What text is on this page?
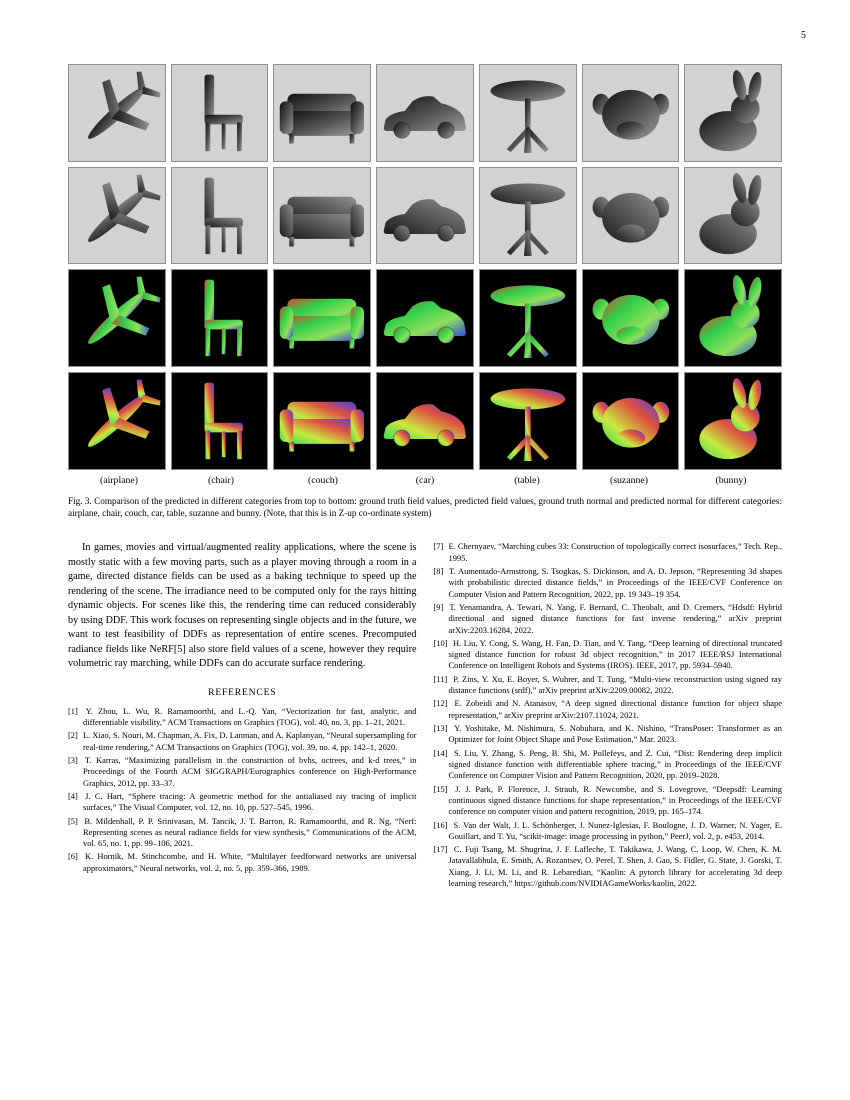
5
(airplane)	(chair)	(couch)	(car)	(table)	(suzanne)	(bunny)
Fig. 3. Comparison of the predicted in different categories from top to bottom: ground truth field values, predicted field values, ground truth normal and predicted normal for different categories: airplane, chair, couch, car, table, suzanne and bunny. (Note, that this is in Z-up co-ordinate system)

In games, movies and virtual/augmented reality applications, where the scene is mostly static with a few moving parts, such as a player moving through a room in a game, directed distance fields can be used as a baking technique to speed up the rendering of the scene. The irradiance need to be computed only for the rays hitting dynamic objects. For scenes like this, the rendering time can reduced considerably by using DDF. This work focuses on representing single objects and in the future, we want to test feasibility of DDFs as representation of entire scenes. Precomputed radiance fields like NeRF[5] also store field values of a scene, however they require volumetric ray marching, while DDFs can do accurate surface rendering.

REFERENCES
[1] Y. Zhou, L. Wu, R. Ramamoorthi, and L.-Q. Yan, “Vectorization for fast, analytic, and differentiable visibility,” ACM Transactions on Graphics (TOG), vol. 40, no. 3, pp. 1–21, 2021.
[2] L. Xiao, S. Nouri, M. Chapman, A. Fix, D. Lanman, and A. Kaplanyan, “Neural supersampling for real-time rendering,” ACM Transactions on Graphics (TOG), vol. 39, no. 4, pp. 142–1, 2020.
[3] T. Karras, “Maximizing parallelism in the construction of bvhs, octrees, and k-d trees,” in Proceedings of the Fourth ACM SIGGRAPH/Eurographics conference on High-Performance Graphics, 2012, pp. 33–37.
[4] J. C. Hart, “Sphere tracing: A geometric method for the antialiased ray tracing of implicit surfaces,” The Visual Computer, vol. 12, no. 10, pp. 527–545, 1996.
[5] B. Mildenhall, P. P. Srinivasan, M. Tancik, J. T. Barron, R. Ramamoorthi, and R. Ng, “Nerf: Representing scenes as neural radiance fields for view synthesis,” Communications of the ACM, vol. 65, no. 1, pp. 99–106, 2021.
[6] K. Hornik, M. Stinchcombe, and H. White, “Multilayer feedforward networks are universal approximators,” Neural networks, vol. 2, no. 5, pp. 359–366, 1989.
[7] E. Chernyaev, “Marching cubes 33: Construction of topologically correct isosurfaces,” Tech. Rep., 1995.
[8] T. Aumentado-Armstrong, S. Tsogkas, S. Dickinson, and A. D. Jepson, “Representing 3d shapes with probabilistic directed distance fields,” in Proceedings of the IEEE/CVF Conference on Computer Vision and Pattern Recognition, 2022, pp. 19 343–19 354.
[9] T. Yenamandra, A. Tewari, N. Yang, F. Bernard, C. Theobalt, and D. Cremers, “Hdsdf: Hybrid directional and signed distance functions for fast inverse rendering,” arXiv preprint arXiv:2203.16284, 2022.
[10] H. Liu, Y. Cong, S. Wang, H. Fan, D. Tian, and Y. Tang, “Deep learning of directional truncated signed distance function for robust 3d object recognition,” in 2017 IEEE/RSJ International Conference on Intelligent Robots and Systems (IROS). IEEE, 2017, pp. 5934–5940.
[11] P. Zins, Y. Xu, E. Boyer, S. Wuhrer, and T. Tung, “Multi-view reconstruction using signed ray distance functions (srdf),” arXiv preprint arXiv:2209.00082, 2022.
[12] E. Zobeidi and N. Atanasov, “A deep signed directional distance function for object shape representation,” arXiv preprint arXiv:2107.11024, 2021.
[13] Y. Yoshitake, M. Nishimura, S. Nobuhara, and K. Nishino, “TransPoser: Transformer as an Optimizer for Joint Object Shape and Pose Estimation,” Mar. 2023.
[14] S. Liu, Y. Zhang, S. Peng, B. Shi, M. Pollefeys, and Z. Cui, “Dist: Rendering deep implicit signed distance function with differentiable sphere tracing,” in Proceedings of the IEEE/CVF Conference on Computer Vision and Pattern Recognition, 2020, pp. 2019–2028.
[15] J. J. Park, P. Florence, J. Straub, R. Newcombe, and S. Lovegrove, “Deepsdf: Learning continuous signed distance functions for shape representation,” in Proceedings of the IEEE/CVF conference on computer vision and pattern recognition, 2019, pp. 165–174.
[16] S. Van der Walt, J. L. Schönberger, J. Nunez-Iglesias, F. Boulogne, J. D. Warner, N. Yager, E. Gouillart, and T. Yu, “scikit-image: image processing in python,” PeerJ, vol. 2, p. e453, 2014.
[17] C. Fuji Tsang, M. Shugrina, J. F. Lafleche, T. Takikawa, J. Wang, C. Loop, W. Chen, K. M. Jatavallabhula, E. Smith, A. Rozantsev, O. Perel, T. Shen, J. Gao, S. Fidler, G. State, J. Gorski, T. Xiang, J. Li, M. Li, and R. Lebaredian, “Kaolin: A pytorch library for accelerating 3d deep learning research,” https://github.com/NVIDIAGameWorks/kaolin, 2022.
